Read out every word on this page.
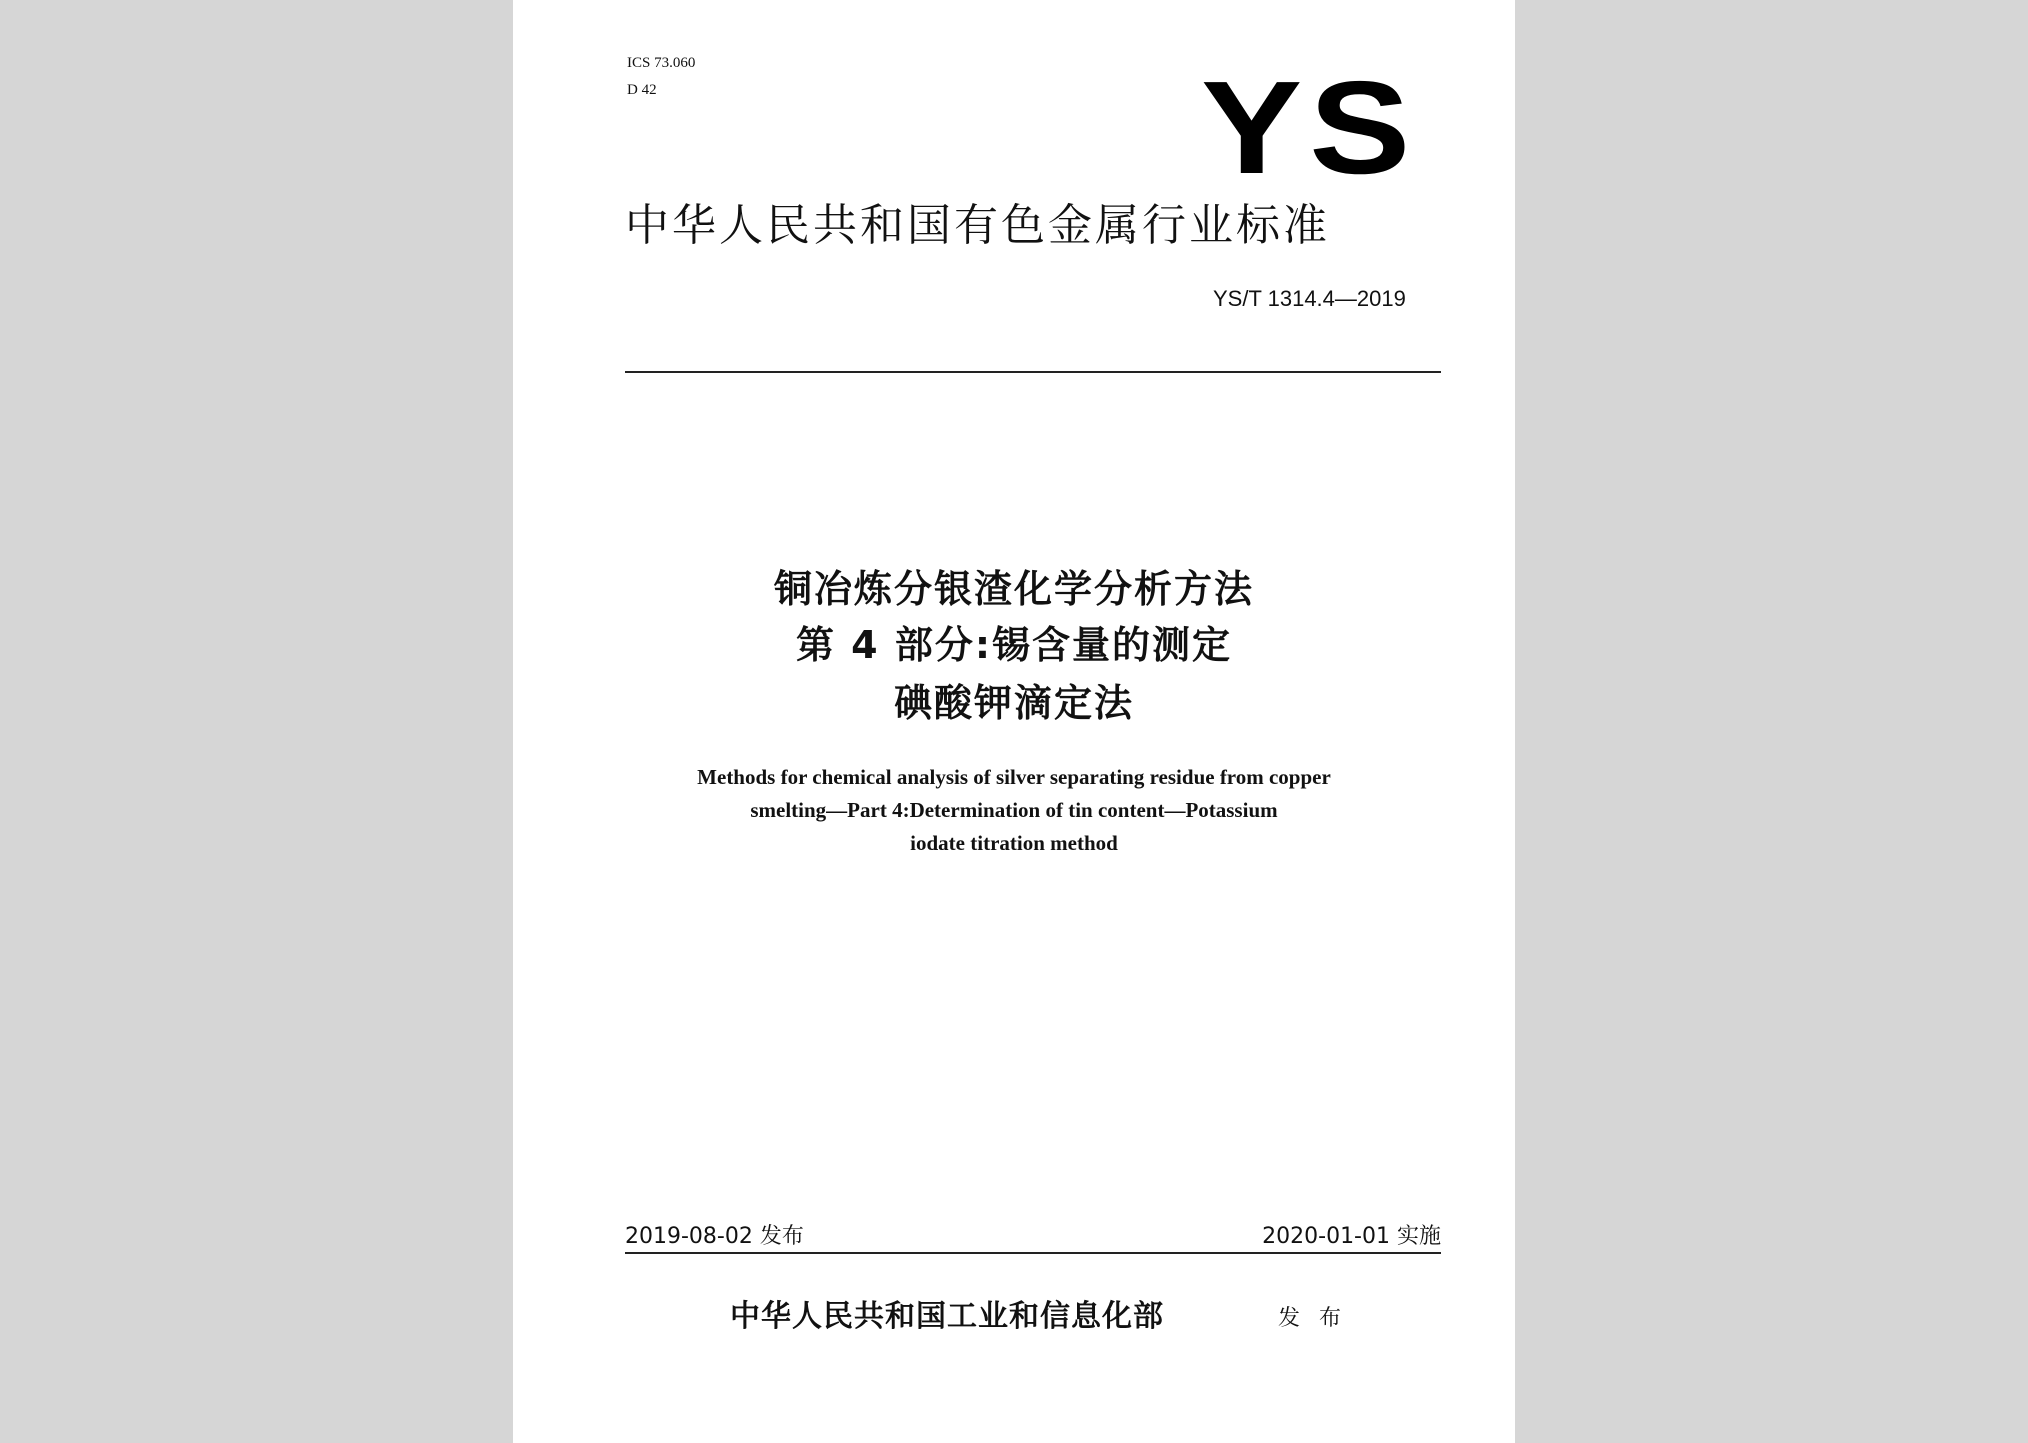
ICS 73.060
D 42	YS
中华人民共和国有色金属行业标准
YS/T 1314.4—2019
铜冶炼分银渣化学分析方法
第 4 部分:锡含量的测定
碘酸钾滴定法
Methods for chemical analysis of silver separating residue from copper
smelting—Part 4:Determination of tin content—Potassium
iodate titration method
2019-08-02 发布	2020-01-01 实施
中华人民共和国工业和信息化部	发 布
